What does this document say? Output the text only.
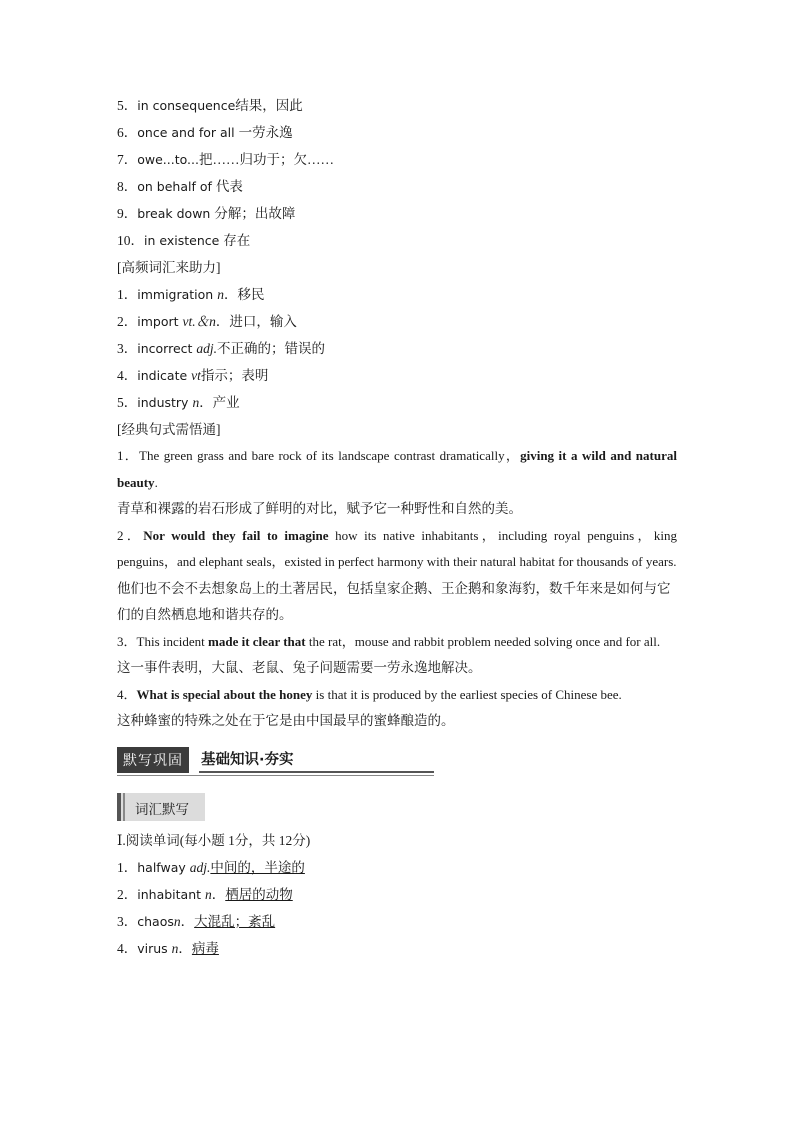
5．in consequence结果，因此
6．once and for all 一劳永逸
7．owe...to...把……归功于；欠……
8．on behalf of 代表
9．break down 分解；出故障
10．in existence 存在
[高频词汇来助力]
1．immigration n．移民
2．import vt.＆n．进口，输入
3．incorrect adj.不正确的；错误的
4．indicate vt指示；表明
5．industry n．产业
[经典句式需悟通]
1．The green grass and bare rock of its landscape contrast dramatically，giving it a wild and natural beauty.
青草和裸露的岩石形成了鲜明的对比，赋予它一种野性和自然的美。
2．Nor would they fail to imagine how its native inhabitants，including royal penguins，king penguins，and elephant seals，existed in perfect harmony with their natural habitat for thousands of years.
他们也不会不去想象岛上的土著居民，包括皇家企鹅、王企鹅和象海豹，数千年来是如何与它们的自然栖息地和谐共存的。
3．This incident made it clear that the rat，mouse and rabbit problem needed solving once and for all.
这一事件表明，大鼠、老鼠、兔子问题需要一劳永逸地解决。
4．What is special about the honey is that it is produced by the earliest species of Chinese bee.
这种蜂蜜的特殊之处在于它是由中国最早的蜜蜂酿造的。
默写巩固	基础知识·夯实
词汇默写
Ⅰ.阅读单词(每小题 1分，共 12分)
1．halfway adj.中间的，半途的
2．inhabitant n．栖居的动物
3．chaosn．大混乱；紊乱
4．virus n．病毒
